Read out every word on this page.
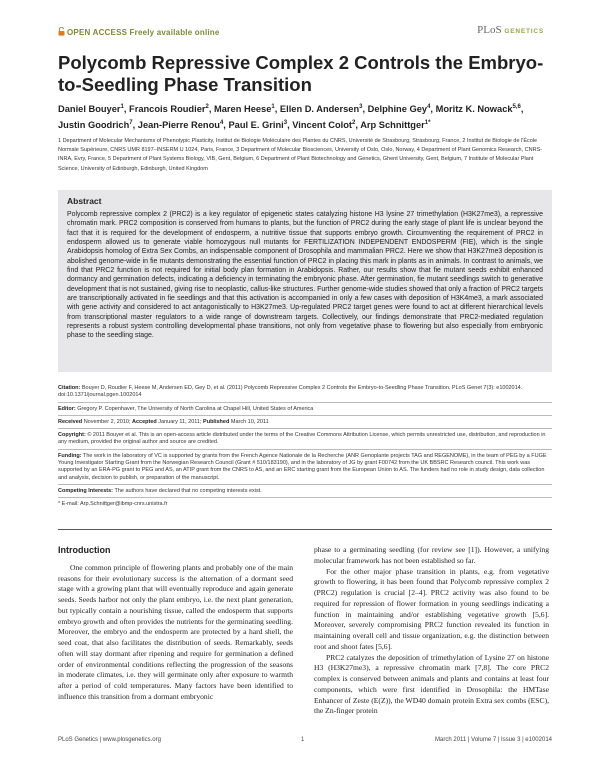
OPEN ACCESS Freely available online	PLoS GENETICS
Polycomb Repressive Complex 2 Controls the Embryo-to-Seedling Phase Transition
Daniel Bouyer$^1$, Francois Roudier$^2$, Maren Heese$^1$, Ellen D. Andersen$^3$, Delphine Gey$^4$, Moritz K. Nowack$^{5,6}$, Justin Goodrich$^7$, Jean-Pierre Renou$^4$, Paul E. Grini$^3$, Vincent Colot$^2$, Arp Schnittger$^{1*}$
1 Department of Molecular Mechanisms of Phenotypic Plasticity, Institut de Biologie Moléculaire des Plantes du CNRS, Université de Strasbourg, Strasbourg, France, 2 Institut de Biologie de l'École Normale Supérieure, CNRS UMR 8197–INSERM U 1024, Paris, France, 3 Department of Molecular Biosciences, University of Oslo, Oslo, Norway, 4 Department of Plant Genomics Research, CNRS-INRA, Evry, France, 5 Department of Plant Systems Biology, VIB, Gent, Belgium, 6 Department of Plant Biotechnology and Genetics, Ghent University, Gent, Belgium, 7 Institute of Molecular Plant Science, University of Edinburgh, Edinburgh, United Kingdom
Abstract
Polycomb repressive complex 2 (PRC2) is a key regulator of epigenetic states catalyzing histone H3 lysine 27 trimethylation (H3K27me3), a repressive chromatin mark. PRC2 composition is conserved from humans to plants, but the function of PRC2 during the early stage of plant life is unclear beyond the fact that it is required for the development of endosperm, a nutritive tissue that supports embryo growth. Circumventing the requirement of PRC2 in endosperm allowed us to generate viable homozygous null mutants for FERTILIZATION INDEPENDENT ENDOSPERM (FIE), which is the single Arabidopsis homolog of Extra Sex Combs, an indispensable component of Drosophila and mammalian PRC2. Here we show that H3K27me3 deposition is abolished genome-wide in fie mutants demonstrating the essential function of PRC2 in placing this mark in plants as in animals. In contrast to animals, we find that PRC2 function is not required for initial body plan formation in Arabidopsis. Rather, our results show that fie mutant seeds exhibit enhanced dormancy and germination defects, indicating a deficiency in terminating the embryonic phase. After germination, fie mutant seedlings switch to generative development that is not sustained, giving rise to neoplastic, callus-like structures. Further genome-wide studies showed that only a fraction of PRC2 targets are transcriptionally activated in fie seedlings and that this activation is accompanied in only a few cases with deposition of H3K4me3, a mark associated with gene activity and considered to act antagonistically to H3K27me3. Up-regulated PRC2 target genes were found to act at different hierarchical levels from transcriptional master regulators to a wide range of downstream targets. Collectively, our findings demonstrate that PRC2-mediated regulation represents a robust system controlling developmental phase transitions, not only from vegetative phase to flowering but also especially from embryonic phase to the seedling stage.
Citation: Bouyer D, Roudier F, Heese M, Andersen ED, Gey D, et al. (2011) Polycomb Repressive Complex 2 Controls the Embryo-to-Seedling Phase Transition. PLoS Genet 7(3): e1002014. doi:10.1371/journal.pgen.1002014
Editor: Gregory P. Copenhaver, The University of North Carolina at Chapel Hill, United States of America
Received November 2, 2010; Accepted January 11, 2011; Published March 10, 2011
Copyright: © 2011 Bouyer et al. This is an open-access article distributed under the terms of the Creative Commons Attribution License, which permits unrestricted use, distribution, and reproduction in any medium, provided the original author and source are credited.
Funding: The work in the laboratory of VC is supported by grants from the French Agence Nationale de la Recherche (ANR Genoplante projects TAG and REGENOME), in the team of PEG by a FUGE Young Investigator Starting Grant from the Norwegian Research Council (Grant # 510/183190), and in the laboratory of JG by grant F00742 from the UK BBSRC Research council. This work was supported by an ERA-PG grant to PEG and AS, an ATIP grant from the CNRS to AS, and an ERC starting grant from the European Union to AS. The funders had no role in study design, data collection and analysis, decision to publish, or preparation of the manuscript.
Competing Interests: The authors have declared that no competing interests exist.
* E-mail: Arp.Schnittger@ibmp-cnrs.unistra.fr
Introduction

One common principle of flowering plants and probably one of the main reasons for their evolutionary success is the alternation of a dormant seed stage with a growing plant that will eventually reproduce and again generate seeds. Seeds harbor not only the plant embryo, i.e. the next plant generation, but typically contain a nourishing tissue, called the endosperm that supports embryo growth and often provides the nutrients for the germinating seedling. Moreover, the embryo and the endosperm are protected by a hard shell, the seed coat, that also facilitates the distribution of seeds. Remarkably, seeds often will stay dormant after ripening and require for germination a defined order of environmental conditions reflecting the progression of the seasons in moderate climates, i.e. they will germinate only after exposure to warmth after a period of cold temperatures. Many factors have been identified to influence this transition from a dormant embryonic

phase to a germinating seedling (for review see [1]). However, a unifying molecular framework has not been established so far.

For the other major phase transition in plants, e.g. from vegetative growth to flowering, it has been found that Polycomb repressive complex 2 (PRC2) regulation is crucial [2–4]. PRC2 activity was also found to be required for repression of flower formation in young seedlings indicating a function in maintaining and/or establishing vegetative growth [5,6]. Moreover, severely compromising PRC2 function revealed its function in maintaining overall cell and tissue organization, e.g. the distinction between root and shoot fates [5,6].

PRC2 catalyzes the deposition of trimethylation of Lysine 27 on histone H3 (H3K27me3), a repressive chromatin mark [7,8]. The core PRC2 complex is conserved between animals and plants and contains at least four components, which were first identified in Drosophila: the HMTase Enhancer of Zeste (E(Z)), the WD40 domain protein Extra sex combs (ESC), the Zn-finger protein

PLoS Genetics | www.plosgenetics.org	1	March 2011 | Volume 7 | Issue 3 | e1002014
